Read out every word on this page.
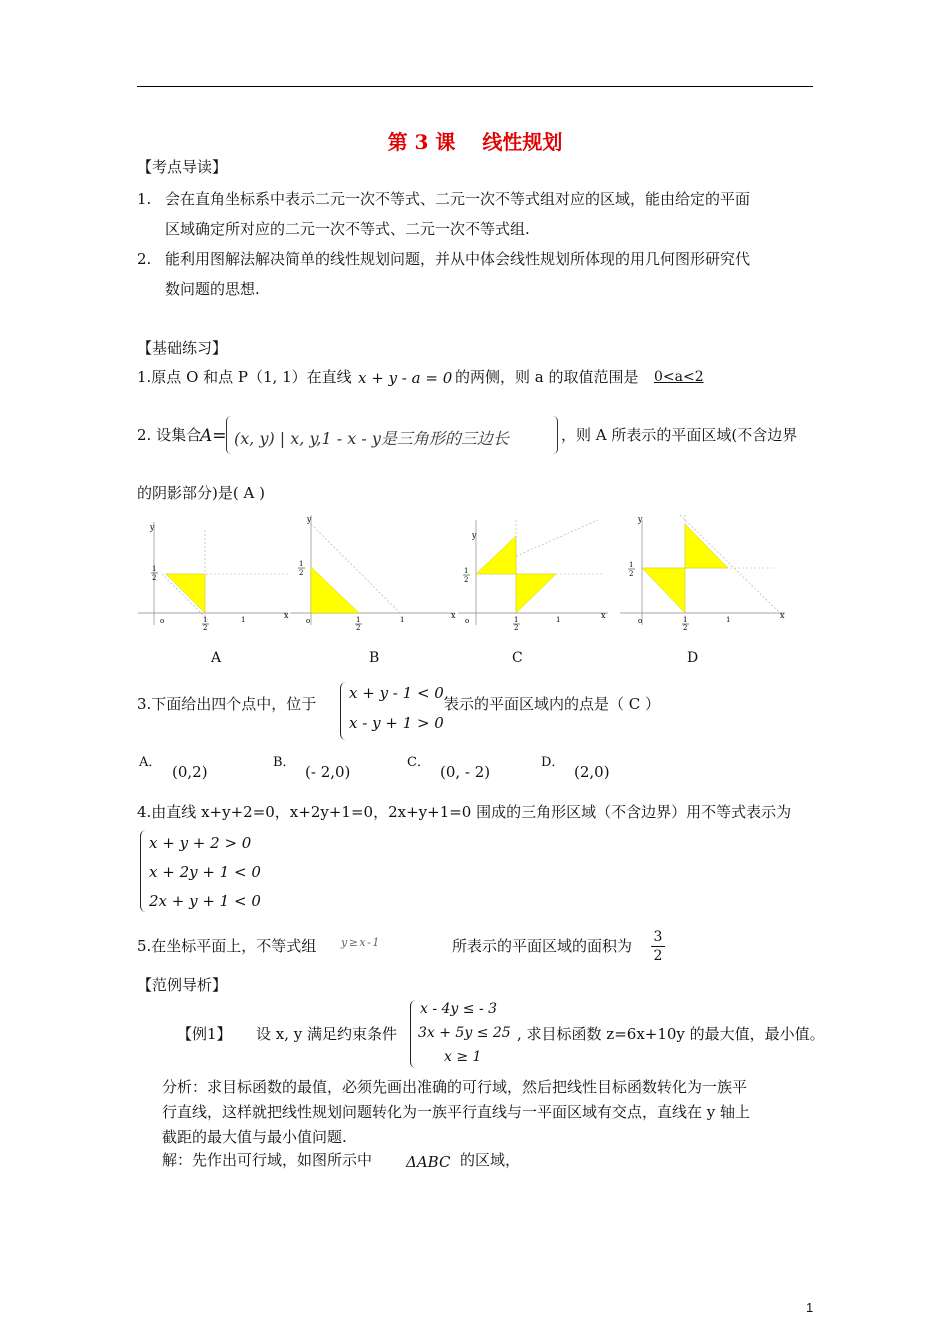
第 3 课　 线性规划
【考点导读】
1. 会在直角坐标系中表示二元一次不等式、二元一次不等式组对应的区域，能由给定的平面
区域确定所对应的二元一次不等式、二元一次不等式组.
2. 能利用图解法解决简单的线性规划问题，并从中体会线性规划所体现的用几何图形研究代
数问题的思想.
【基础练习】
1.原点 O 和点 P（1, 1）在直线 x + y - a = 0 的两侧，则 a 的取值范围是 0<a<2
2. 设集合
A= (x, y) | x, y,1 - x - y是三角形的三边长	，则 A 所表示的平面区域(不含边界
的阴影部分)是( A )
y
x
o
1
2
1
2
1
y
x
o
1
2
1
2
1
y
x
o
1
2
1
2
1
y
x
o
1
2
1
2
1
A	B	C	D
3.下面给出四个点中，位于
x + y - 1 < 0,
x - y + 1 > 0
表示的平面区域内的点是（ C ）
A．
(0,2)
B．
(- 2,0)
C．
(0, - 2)
D．
(2,0)
4.由直线 x+y+2=0，x+2y+1=0，2x+y+1=0 围成的三角形区域（不含边界）用不等式表示为
x + y + 2 > 0
x + 2y + 1 < 0
2x + y + 1 < 0
5.在坐标平面上，不等式组 y ≥ x - 1	所表示的平面区域的面积为 $\frac{3}{2}$
【范例导析】
【例1】 设 x, y 满足约束条件
x - 4y ≤ - 3
3x + 5y ≤ 25
x ≥ 1
, 求目标函数 z=6x+10y 的最大值，最小值。
分析：求目标函数的最值，必须先画出准确的可行域，然后把线性目标函数转化为一族平
行直线，这样就把线性规划问题转化为一族平行直线与一平面区域有交点，直线在 y 轴上
截距的最大值与最小值问题.
解：先作出可行域，如图所示中 ΔABC 的区域，
1
